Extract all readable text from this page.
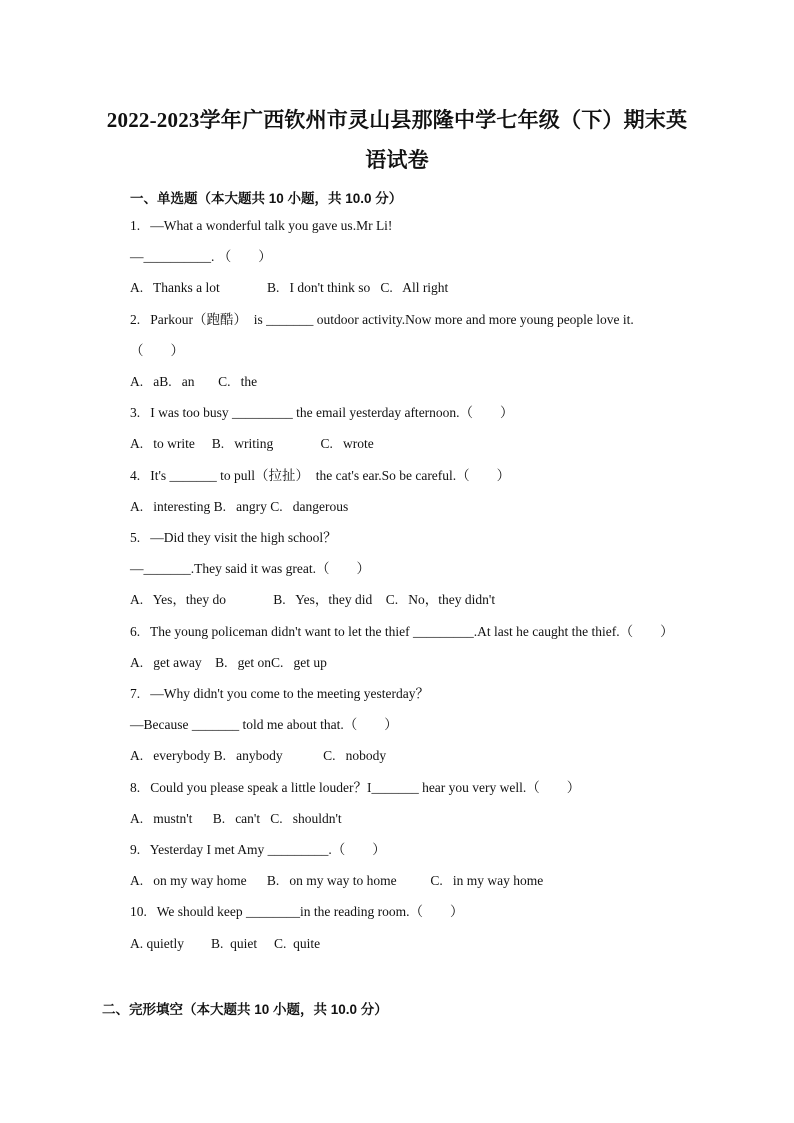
2022-2023学年广西钦州市灵山县那隆中学七年级（下）期末英
语试卷
一、单选题（本大题共 10 小题，共 10.0 分）
1.   —What a wonderful talk you gave us.Mr Li!
—__________. （        ）
A.   Thanks a lot              B.   I don't think so   C.   All right
2.   Parkour（跑酷）  is _______ outdoor activity.Now more and more young people love it.
（        ）
A.   aB.   an       C.   the
3.   I was too busy _________ the email yesterday afternoon.（        ）
A.   to write     B.   writing              C.   wrote
4.   It's _______ to pull（拉扯）  the cat's ear.So be careful.（        ）
A.   interesting B.   angry C.   dangerous
5.   —Did they visit the high school？
—_______.They said it was great.（        ）
A.   Yes，they do              B.   Yes，they did    C.   No，they didn't
6.   The young policeman didn't want to let the thief _________.At last he caught the thief.（        ）
A.   get away    B.   get onC.   get up
7.   —Why didn't you come to the meeting yesterday？
—Because _______ told me about that.（        ）
A.   everybody B.   anybody            C.   nobody
8.   Could you please speak a little louder？I_______ hear you very well.（        ）
A.   mustn't      B.   can't   C.   shouldn't
9.   Yesterday I met Amy _________.（        ）
A.   on my way home      B.   on my way to home          C.   in my way home
10.   We should keep ________in the reading room.（        ）
A. quietly        B.  quiet     C.  quite
二、完形填空（本大题共 10 小题，共 10.0 分）
